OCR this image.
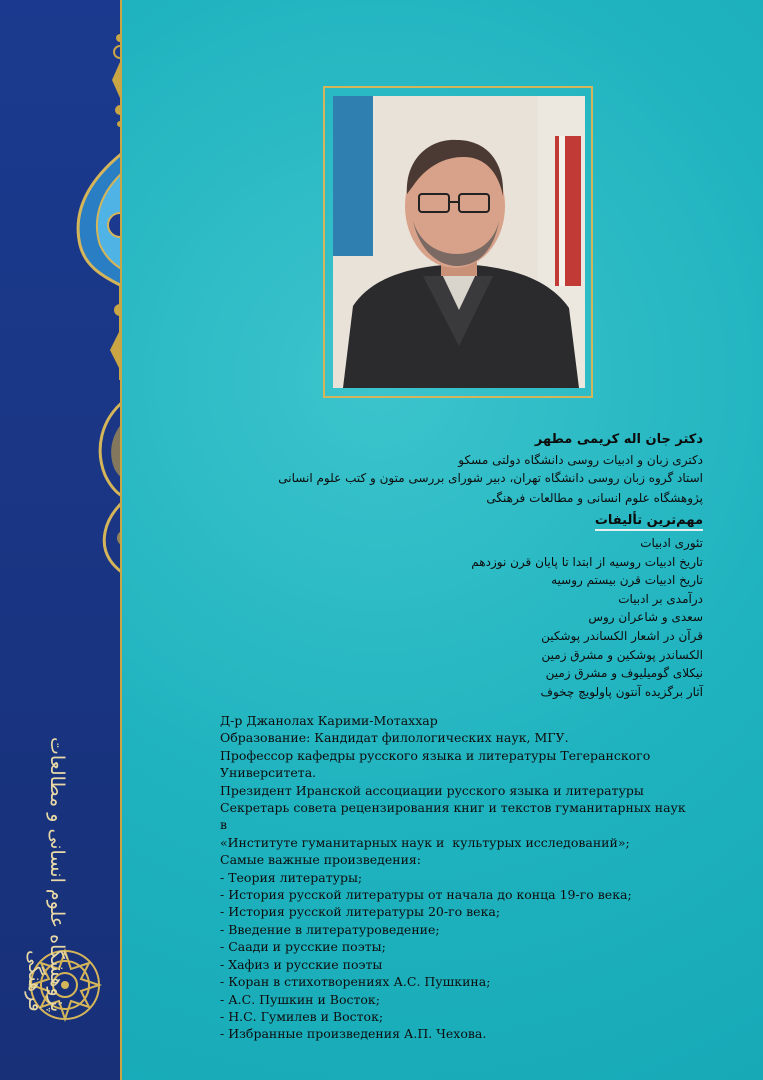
پژوهشگاه علوم انسانی و مطالعات فرهنگی
دکتر جان اله کریمی مطهر
دکتری زبان و ادبیات روسی دانشگاه دولتی مسکو
استاد گروه زبان روسی دانشگاه تهران، دبیر شورای بررسی متون و کتب علوم انسانی پژوهشگاه علوم انسانی و مطالعات فرهنگی
مهم‌ترین تألیفات
تئوری ادبیات
تاریخ ادبیات روسیه از ابتدا تا پایان قرن نوزدهم
تاریخ ادبیات قرن بیستم روسیه
درآمدی بر ادبیات
سعدی و شاعران روس
قرآن در اشعار الکساندر پوشکین
الکساندر پوشکین و مشرق زمین
نیکلای گومیلیوف و مشرق زمین
آثار برگزیده آنتون پاولویچ چخوف
Д-р Джанолах Карими-Мотаххар
Образование: Кандидат филологических наук, МГУ.
Профессор кафедры русского языка и литературы Тегеранского
Университета.
Президент Иранской ассоциации русского языка и литературы
Секретарь совета рецензирования книг и текстов гуманитарных наук в
«Институте гуманитарных наук и  культурых исследований»;
Самые важные произведения:
- Теория литературы;
- История русской литературы от начала до конца 19-го века;
- История русской литературы 20-го века;
- Введение в литературоведение;
- Саади и русские поэты;
- Хафиз и русские поэты
- Коран в стихотворениях А.С. Пушкина;
- А.С. Пушкин и Восток;
- Н.С. Гумилев и Восток;
- Избранные произведения А.П. Чехова.
